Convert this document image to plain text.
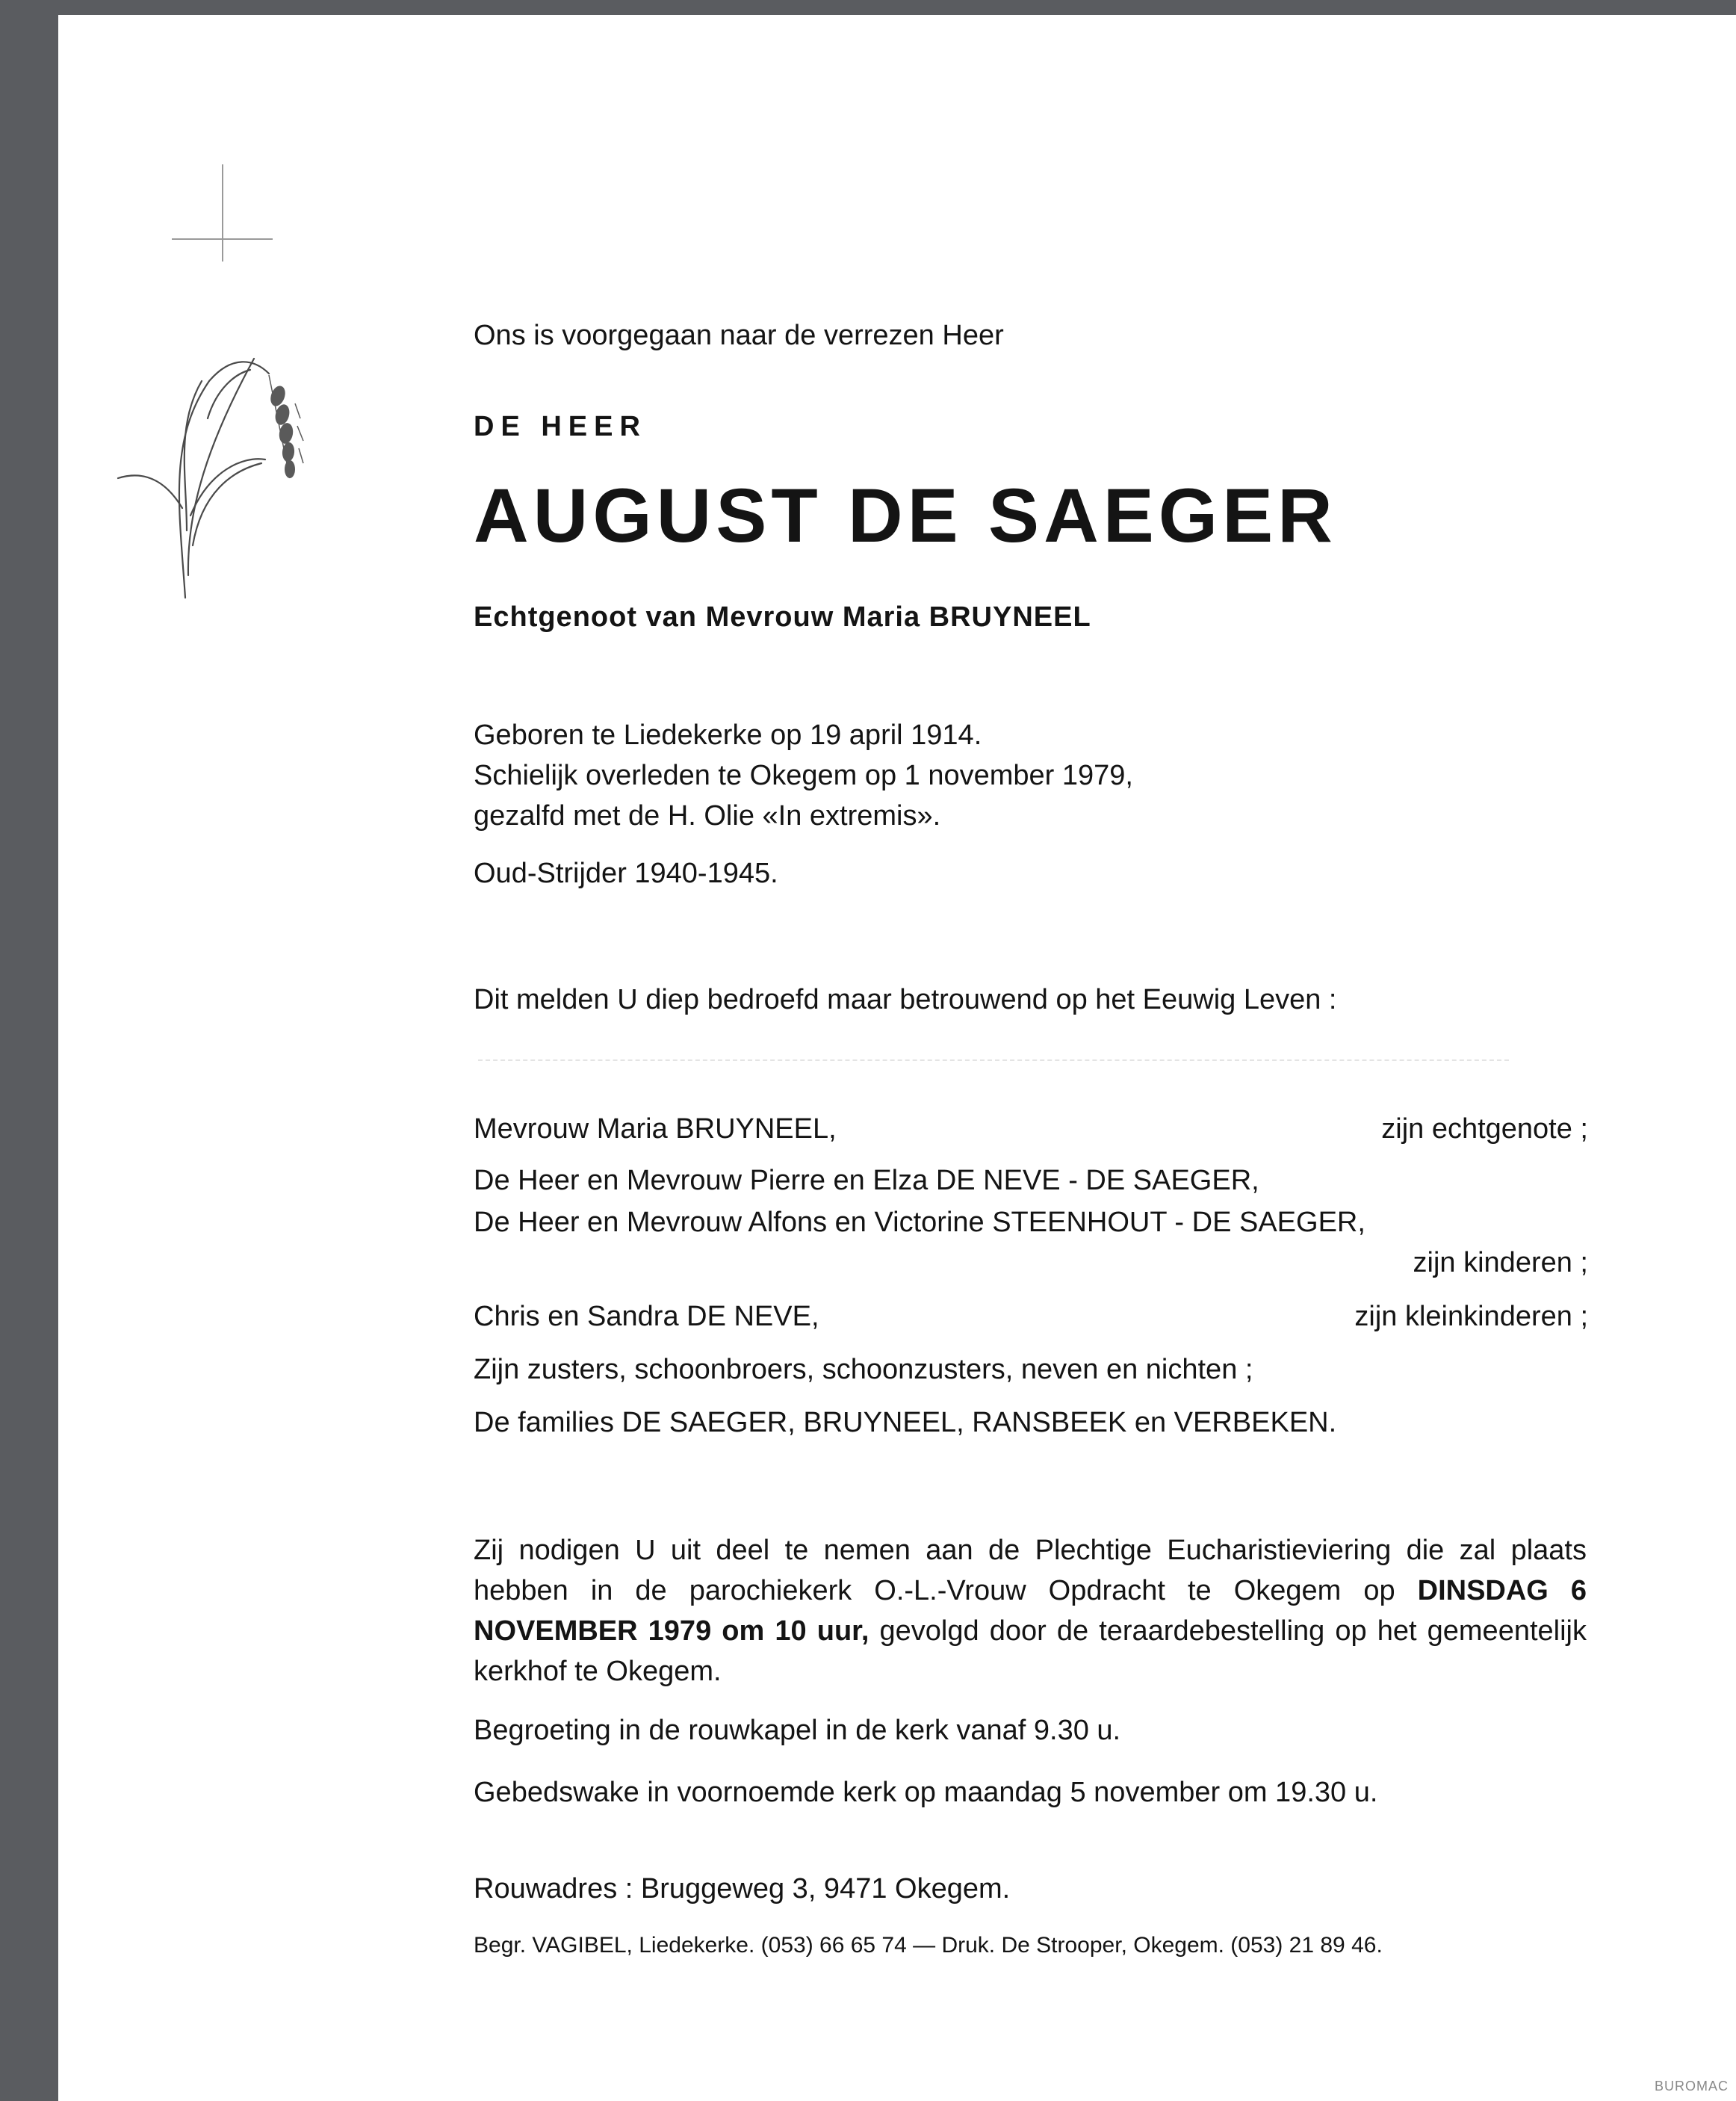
Ons is voorgegaan naar de verrezen Heer
DE HEER
AUGUST DE SAEGER
Echtgenoot van Mevrouw Maria BRUYNEEL
Geboren te Liedekerke op 19 april 1914.
Schielijk overleden te Okegem op 1 november 1979,
gezalfd met de H. Olie «In extremis».
Oud-Strijder 1940-1945.
Dit melden U diep bedroefd maar betrouwend op het Eeuwig Leven :
Mevrouw Maria BRUYNEEL,	zijn echtgenote ;
De Heer en Mevrouw Pierre en Elza DE NEVE - DE SAEGER,
De Heer en Mevrouw Alfons en Victorine STEENHOUT - DE SAEGER,
zijn kinderen ;
Chris en Sandra DE NEVE,	zijn kleinkinderen ;
Zijn zusters, schoonbroers, schoonzusters, neven en nichten ;
De families DE SAEGER, BRUYNEEL, RANSBEEK en VERBEKEN.
Zij nodigen U uit deel te nemen aan de Plechtige Eucharistieviering die zal plaats hebben in de parochiekerk O.-L.-Vrouw Opdracht te Okegem op DINSDAG 6 NOVEMBER 1979 om 10 uur, gevolgd door de teraardebestelling op het gemeentelijk kerkhof te Okegem.
Begroeting in de rouwkapel in de kerk vanaf 9.30 u.
Gebedswake in voornoemde kerk op maandag 5 november om 19.30 u.
Rouwadres : Bruggeweg 3, 9471 Okegem.
Begr. VAGIBEL, Liedekerke. (053) 66 65 74 — Druk. De Strooper, Okegem. (053) 21 89 46.
BUROMAC
